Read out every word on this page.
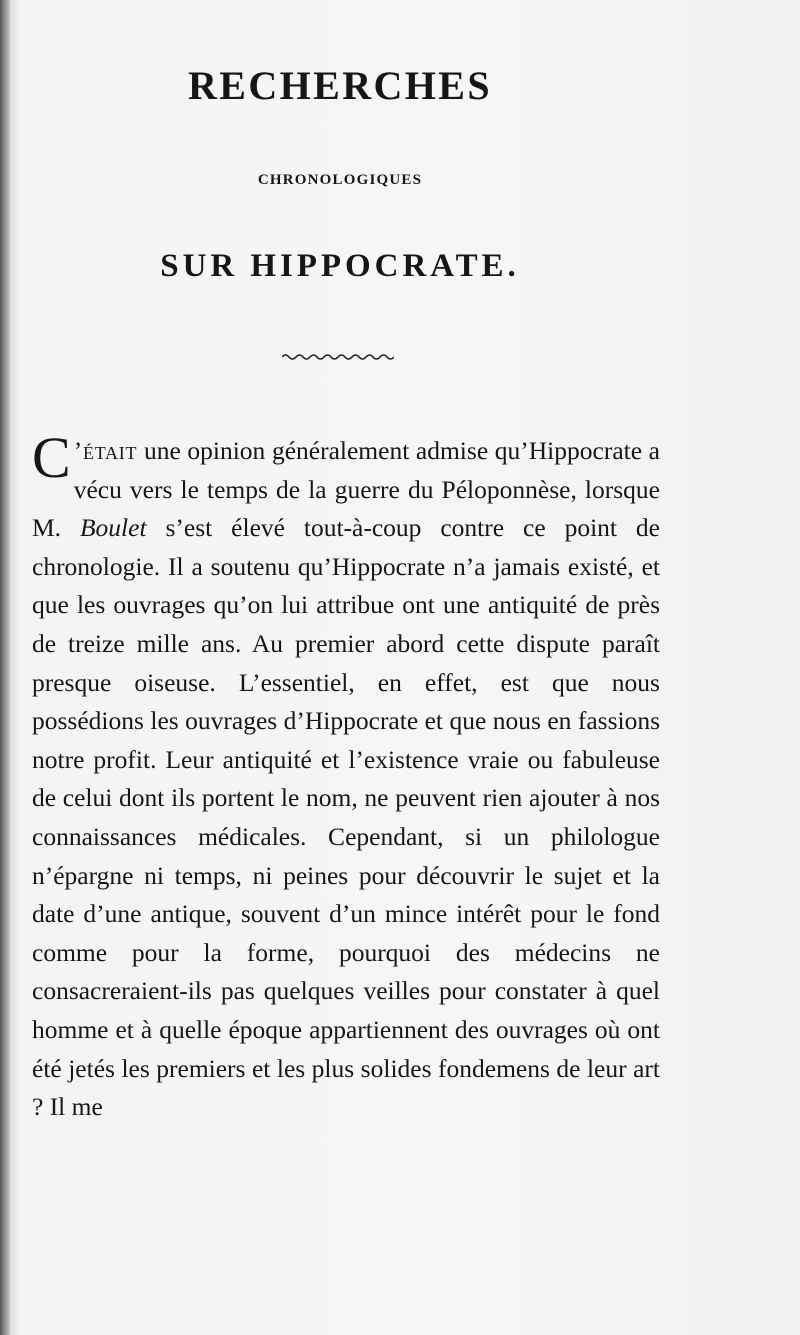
RECHERCHES
CHRONOLOGIQUES
SUR HIPPOCRATE.

C ’était une opinion généralement admise qu’Hippocrate a vécu vers le temps de la guerre du Péloponnèse, lorsque M. Boulet s’est élevé tout-à-coup contre ce point de chronologie. Il a soutenu qu’Hippocrate n’a jamais existé, et que les ouvrages qu’on lui attribue ont une antiquité de près de treize mille ans. Au premier abord cette dispute paraît presque oiseuse. L’essentiel, en effet, est que nous possédions les ouvrages d’Hippocrate et que nous en fassions notre profit. Leur antiquité et l’existence vraie ou fabuleuse de celui dont ils portent le nom, ne peuvent rien ajouter à nos connaissances médicales. Cependant, si un philologue n’épargne ni temps, ni peines pour découvrir le sujet et la date d’une antique, souvent d’un mince intérêt pour le fond comme pour la forme, pourquoi des médecins ne consacreraient-ils pas quelques veilles pour constater à quel homme et à quelle époque appartiennent des ouvrages où ont été jetés les premiers et les plus solides fondemens de leur art ? Il me
